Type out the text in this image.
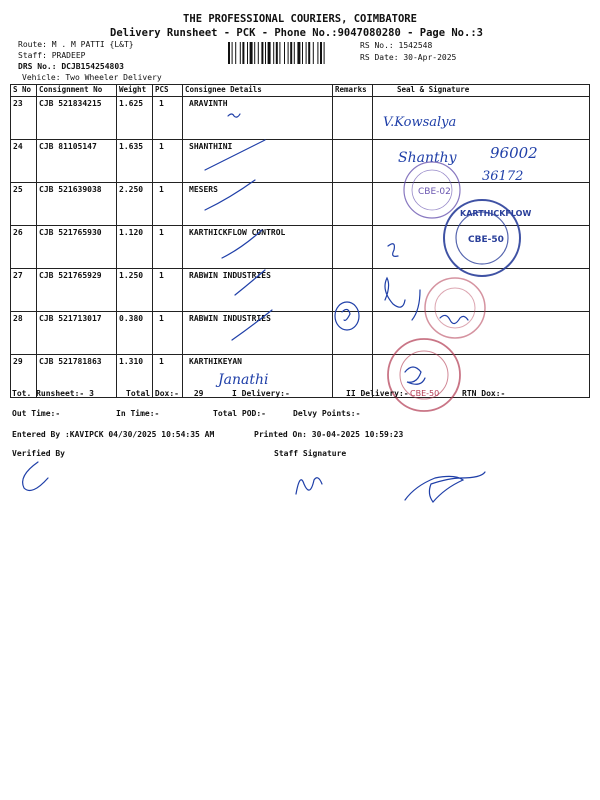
THE PROFESSIONAL COURIERS, COIMBATORE
Delivery Runsheet - PCK - Phone No.:9047080280 - Page No.:3
Route: M . M PATTI {L&T}
Staff: PRADEEP
DRS No.: DCJB154254803
Vehicle: Two Wheeler Delivery
RS No.: 1542548
RS Date: 30-Apr-2025
S No	Consignment No	Weight	PCS	Consignee Details	Remarks	Seal & Signature
23	CJB 521834215	1.625	1	ARAVINTH		
24	CJB 81105147	1.635	1	SHANTHINI		
25	CJB 521639038	2.250	1	MESERS		
26	CJB 521765930	1.120	1	KARTHICKFLOW CONTROL		
27	CJB 521765929	1.250	1	RABWIN INDUSTRIES		
28	CJB 521713017	0.380	1	RABWIN INDUSTRIES		
29	CJB 521781863	1.310	1	KARTHIKEYAN		
V.Kowsalya
Shanthy 96002
36172
Janathi
CBE-02
KARTHICKFLOW
CBE-50
CBE-50
Tot. Runsheet:- 3	Total Dox:- 29	I Delivery:-	II Delivery:-	RTN Dox:-
Out Time:-	In Time:-	Total POD:-	Delvy Points:-
Entered By :KAVIPCK 04/30/2025 10:54:35 AM	Printed On: 30-04-2025 10:59:23
Verified By	Staff Signature
